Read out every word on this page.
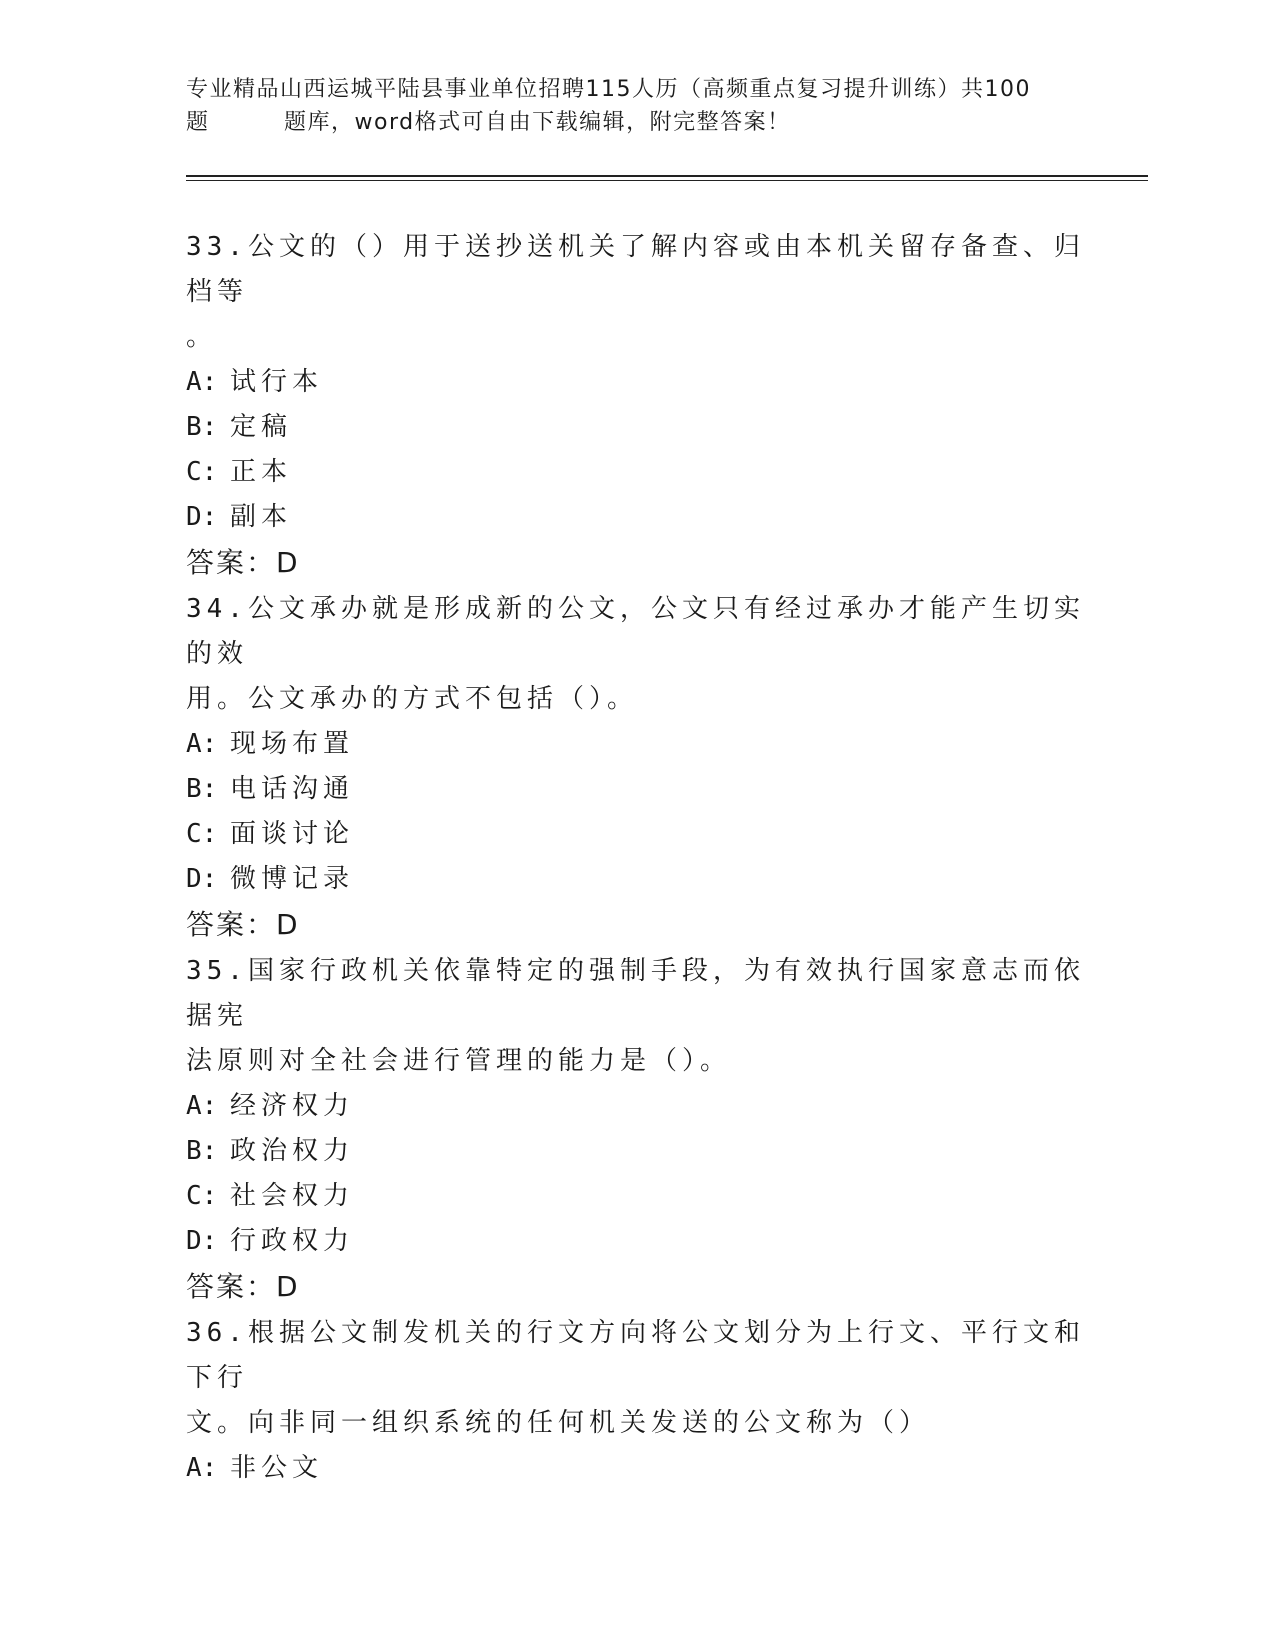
专业精品山西运城平陆县事业单位招聘115人历（高频重点复习提升训练）共100
题	题库，word格式可自由下载编辑，附完整答案！

33.公文的（）用于送抄送机关了解内容或由本机关留存备查、归档等

。

A: 试行本

B: 定稿

C: 正本

D: 副本

答案：D

34.公文承办就是形成新的公文，公文只有经过承办才能产生切实的效

用。公文承办的方式不包括（）。

A: 现场布置

B: 电话沟通

C: 面谈讨论

D: 微博记录

答案：D

35.国家行政机关依靠特定的强制手段，为有效执行国家意志而依据宪

法原则对全社会进行管理的能力是（）。

A: 经济权力

B: 政治权力

C: 社会权力

D: 行政权力

答案：D

36.根据公文制发机关的行文方向将公文划分为上行文、平行文和下行

文。向非同一组织系统的任何机关发送的公文称为（）

A: 非公文
